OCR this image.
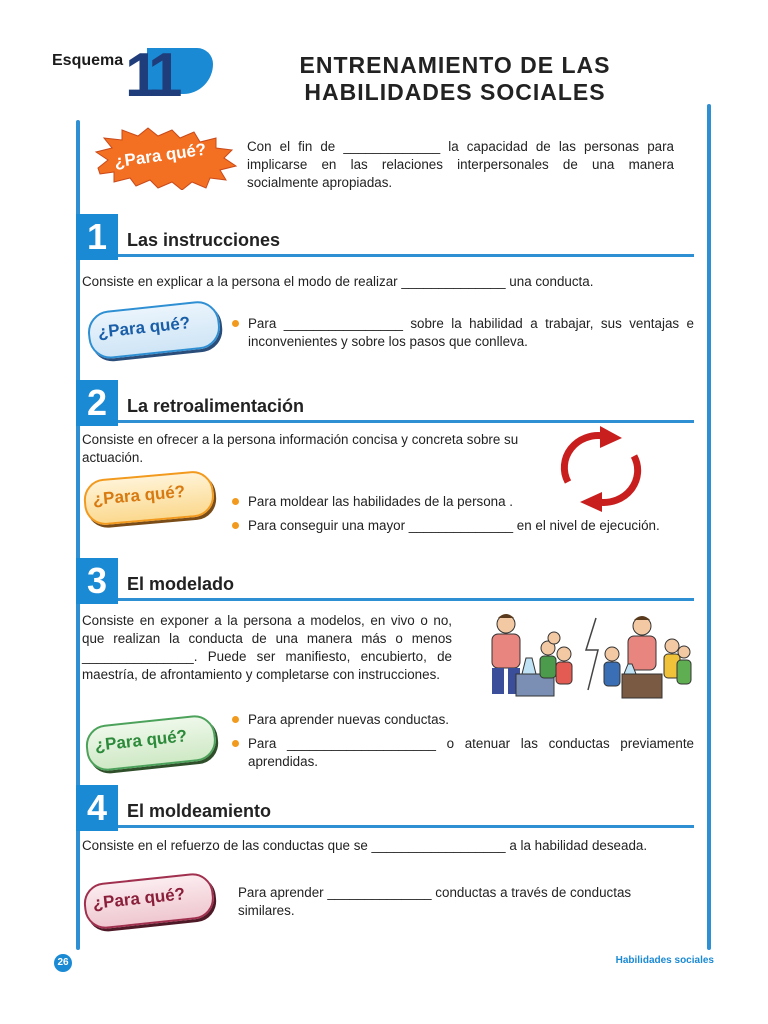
Esquema 11	ENTRENAMIENTO DE LAS
HABILIDADES SOCIALES
¿Para qué?	Con el fin de _____________ la capacidad de las personas para implicarse en las relaciones interpersonales de una manera socialmente apropiadas.
1	Las instrucciones
Consiste en explicar a la persona el modo de realizar ______________ una conducta.
¿Para qué?	Para ________________ sobre la habilidad a trabajar, sus ventajas e inconvenientes y sobre los pasos que conlleva.
2	La retroalimentación
Consiste en ofrecer a la persona información concisa y concreta sobre su actuación.
¿Para qué?	Para moldear las habilidades de la persona .
Para conseguir una mayor ______________ en el nivel de ejecución.
3	El modelado
Consiste en exponer a la persona a modelos, en vivo o no, que realizan la conducta de una manera más o menos _______________. Puede ser manifiesto, encubierto, de maestría, de afrontamiento y completarse con instrucciones.
¿Para qué?
Para aprender nuevas conductas.
Para ____________________ o atenuar las conductas previamente aprendidas.
4	El moldeamiento
Consiste en el refuerzo de las conductas que se __________________ a la habilidad deseada.
¿Para qué?	Para aprender ______________ conductas a través de conductas similares.
26	Habilidades sociales
